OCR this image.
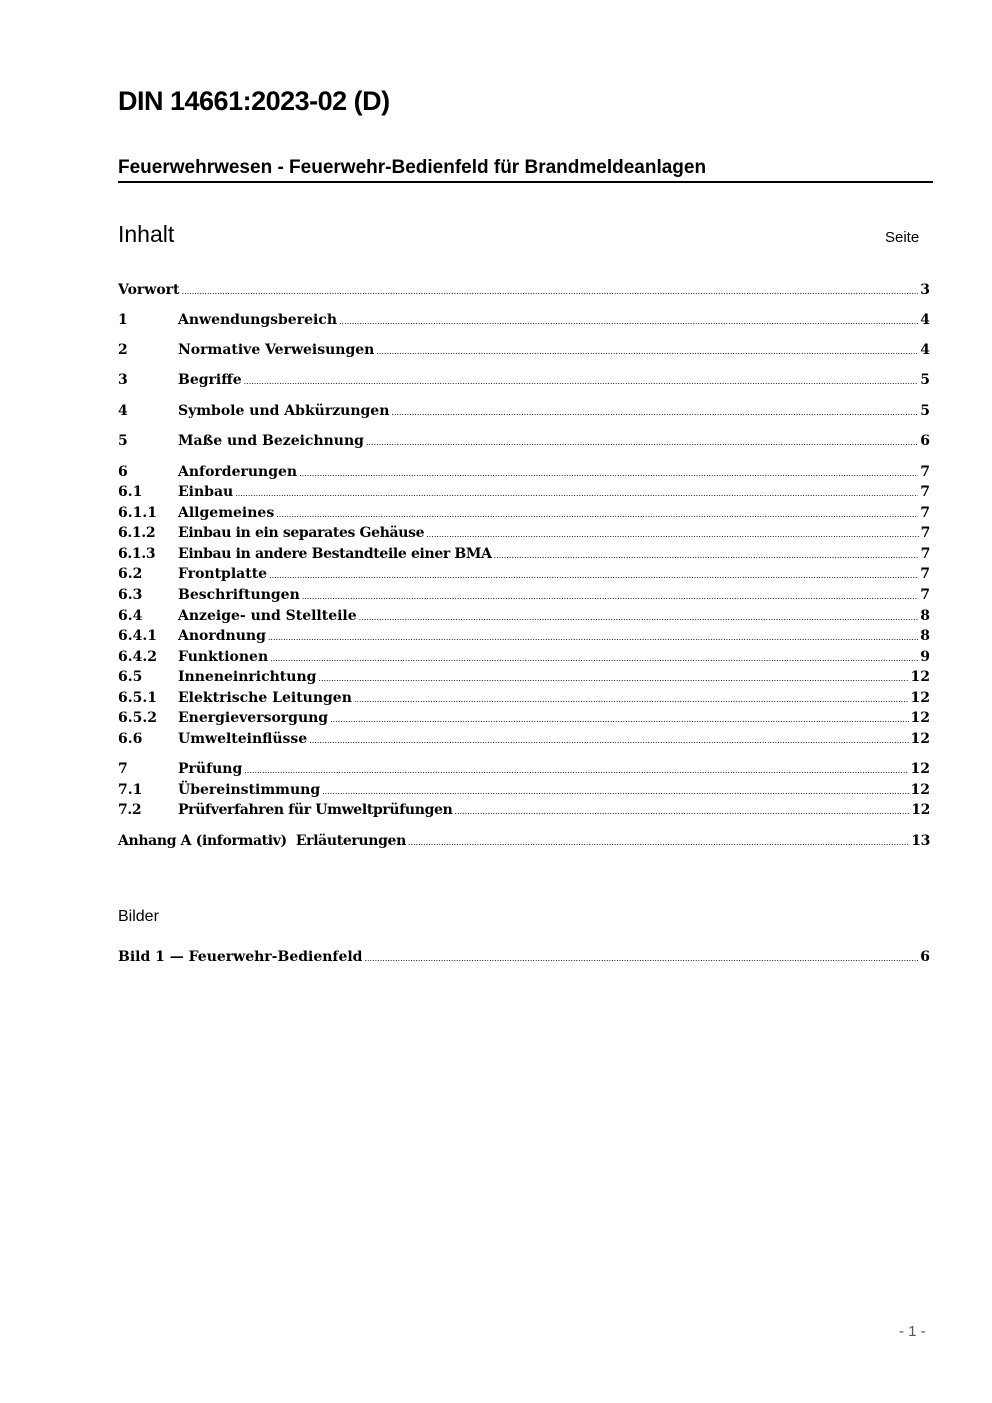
DIN 14661:2023-02 (D)
Feuerwehrwesen - Feuerwehr-Bedienfeld für Brandmeldeanlagen
Inhalt	Seite
Vorwort .....	3
1	Anwendungsbereich .....	4
2	Normative Verweisungen .....	4
3	Begriffe .....	5
4	Symbole und Abkürzungen .....	5
5	Maße und Bezeichnung .....	6
6	Anforderungen .....	7
6.1	Einbau .....	7
6.1.1	Allgemeines .....	7
6.1.2	Einbau in ein separates Gehäuse .....	7
6.1.3	Einbau in andere Bestandteile einer BMA .....	7
6.2	Frontplatte .....	7
6.3	Beschriftungen .....	7
6.4	Anzeige- und Stellteile .....	8
6.4.1	Anordnung .....	8
6.4.2	Funktionen .....	9
6.5	Inneneinrichtung .....	12
6.5.1	Elektrische Leitungen .....	12
6.5.2	Energieversorgung .....	12
6.6	Umwelteinflüsse .....	12
7	Prüfung .....	12
7.1	Übereinstimmung .....	12
7.2	Prüfverfahren für Umweltprüfungen .....	12
Anhang A (informativ)  Erläuterungen .....	13
Bilder
Bild 1 — Feuerwehr-Bedienfeld .....	6
- 1 -
